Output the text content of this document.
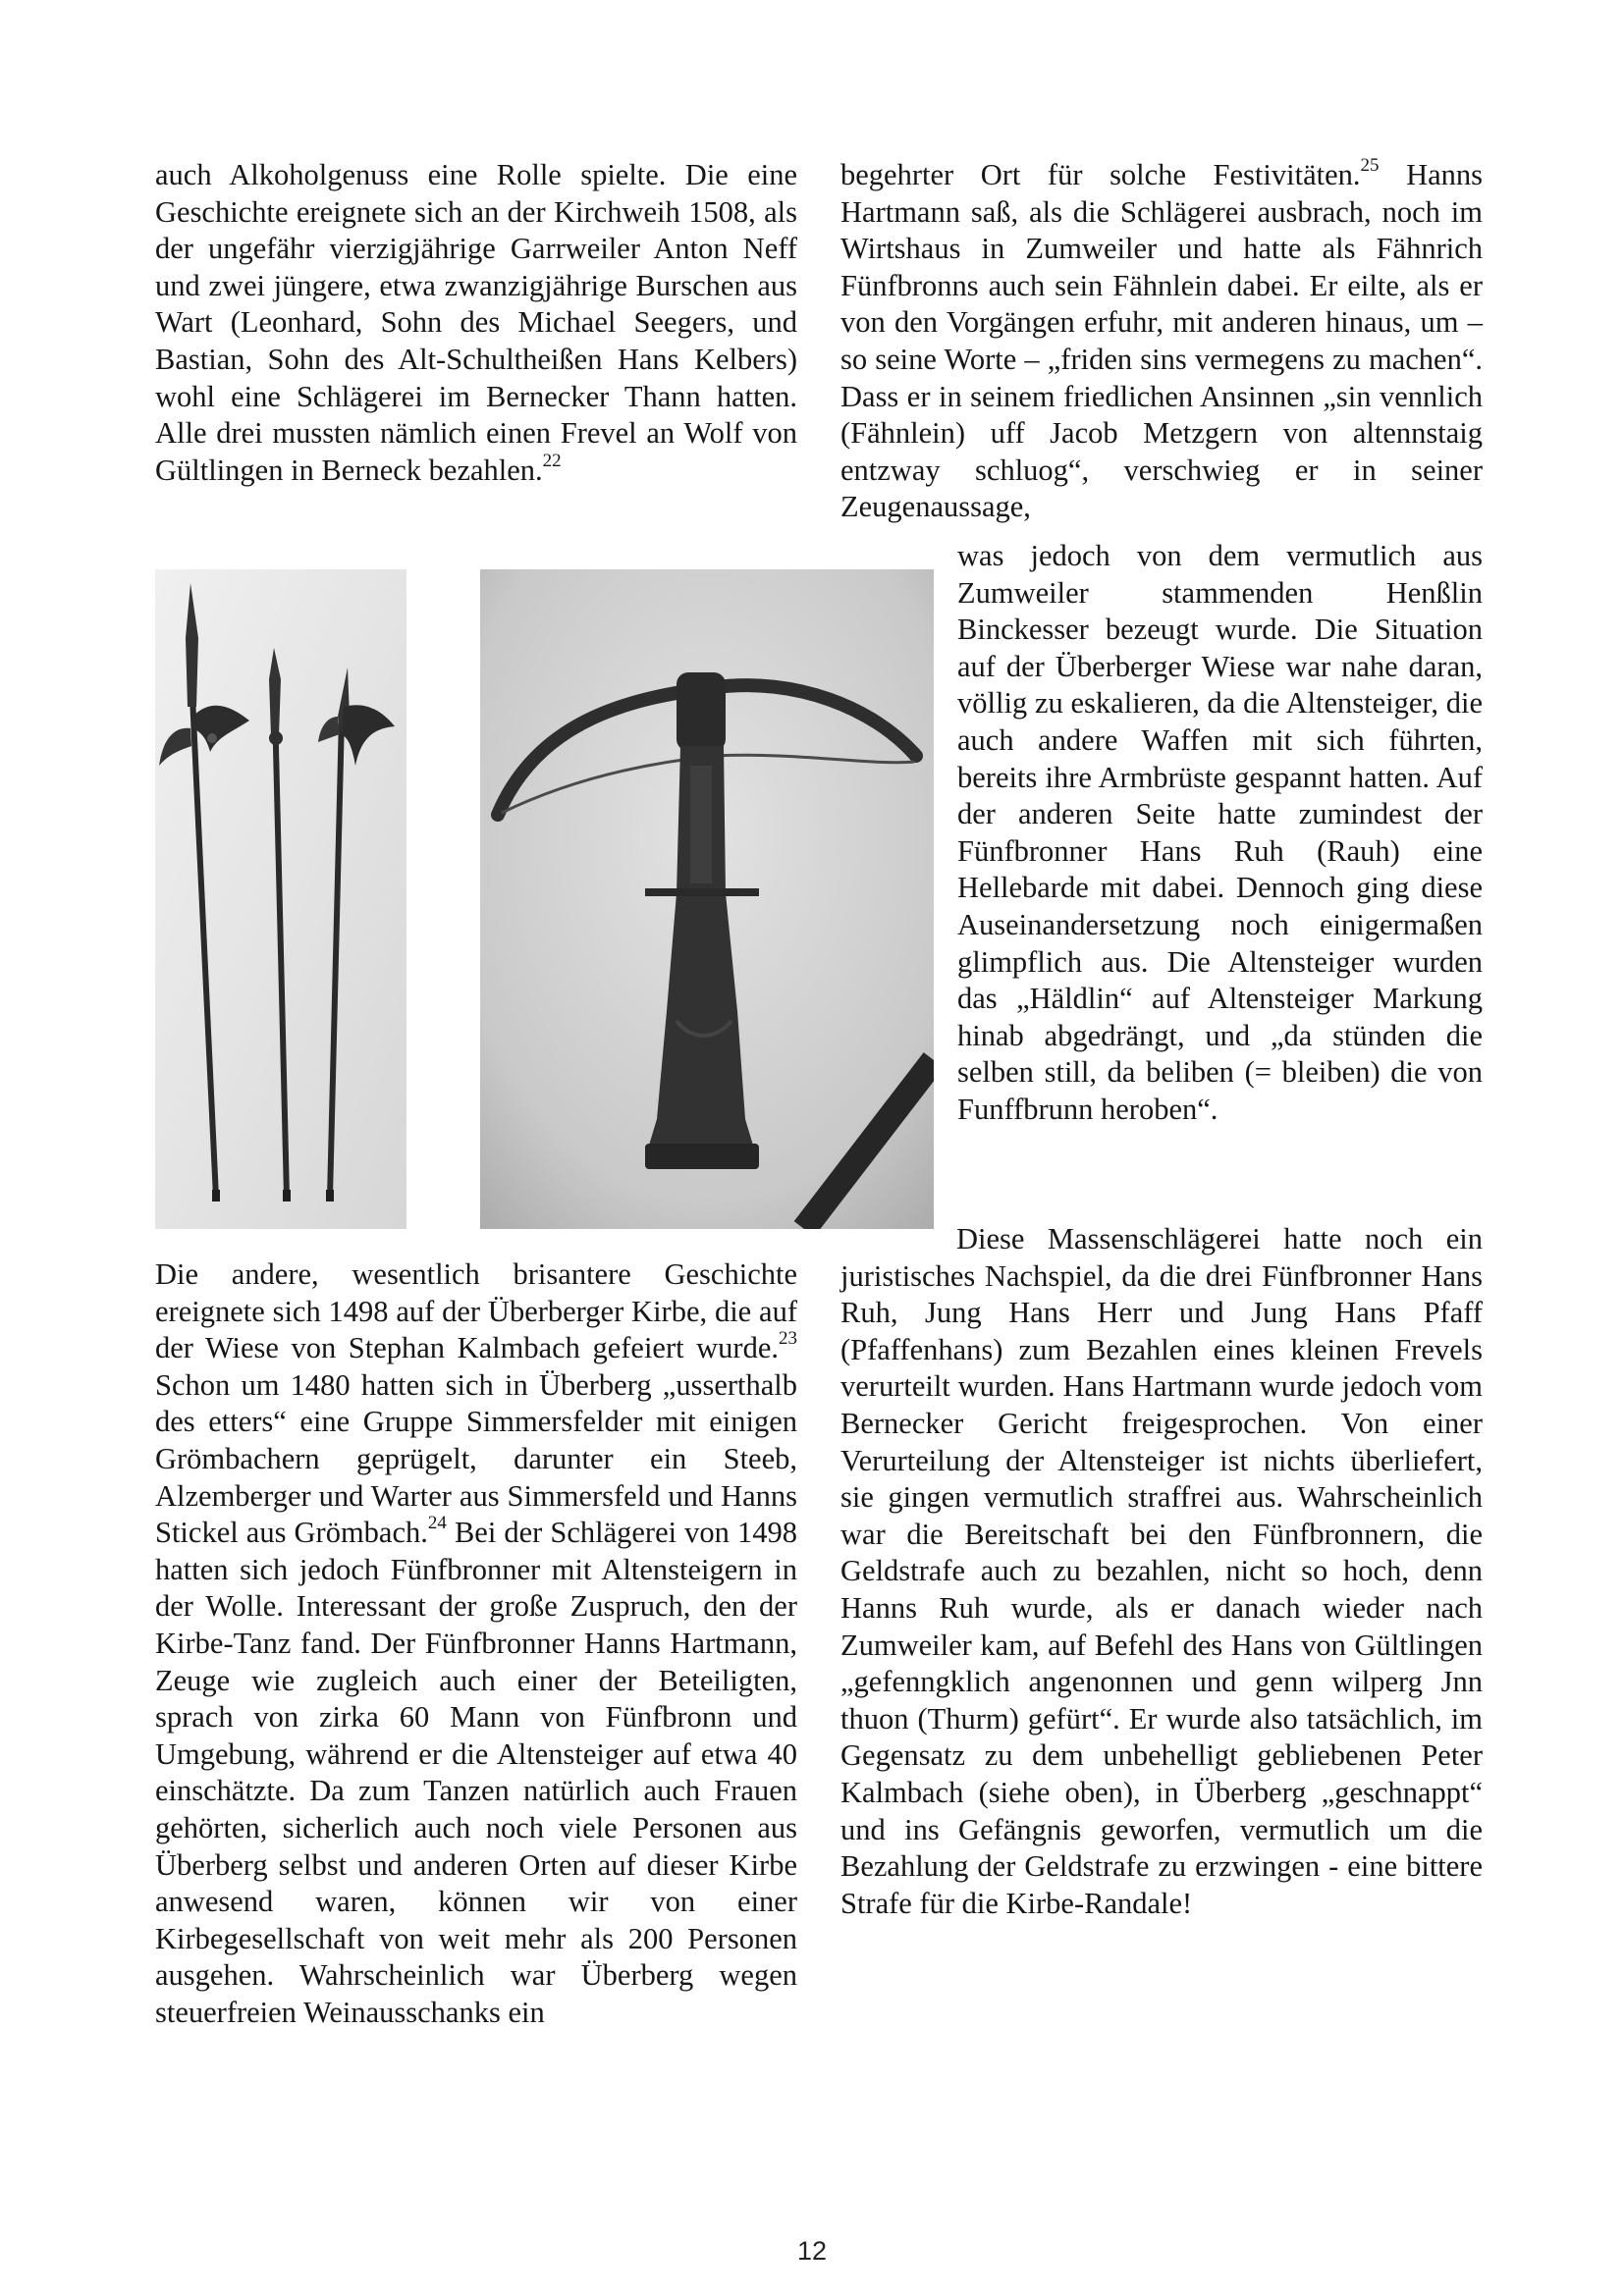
auch Alkoholgenuss eine Rolle spielte. Die eine Geschichte ereignete sich an der Kirchweih 1508, als der ungefähr vierzigjährige Garrweiler Anton Neff und zwei jüngere, etwa zwanzigjährige Burschen aus Wart (Leonhard, Sohn des Michael Seegers, und Bastian, Sohn des Alt-Schultheißen Hans Kelbers) wohl eine Schlägerei im Bernecker Thann hatten. Alle drei mussten nämlich einen Frevel an Wolf von Gültlingen in Berneck bezahlen.$^{22}$

Die andere, wesentlich brisantere Geschichte ereignete sich 1498 auf der Überberger Kirbe, die auf der Wiese von Stephan Kalmbach gefeiert wurde.$^{23}$ Schon um 1480 hatten sich in Überberg „usserthalb des etters“ eine Gruppe Simmersfelder mit einigen Grömbachern geprügelt, darunter ein Steeb, Alzemberger und Warter aus Simmersfeld und Hanns Stickel aus Grömbach.$^{24}$ Bei der Schlägerei von 1498 hatten sich jedoch Fünfbronner mit Altensteigern in der Wolle. Interessant der große Zuspruch, den der Kirbe-Tanz fand. Der Fünfbronner Hanns Hartmann, Zeuge wie zugleich auch einer der Beteiligten, sprach von zirka 60 Mann von Fünfbronn und Umgebung, während er die Altensteiger auf etwa 40 einschätzte. Da zum Tanzen natürlich auch Frauen gehörten, sicherlich auch noch viele Personen aus Überberg selbst und anderen Orten auf dieser Kirbe anwesend waren, können wir von einer Kirbegesellschaft von weit mehr als 200 Personen ausgehen. Wahrscheinlich war Überberg wegen steuerfreien Weinausschanks ein

begehrter Ort für solche Festivitäten.$^{25}$ Hanns Hartmann saß, als die Schlägerei ausbrach, noch im Wirtshaus in Zumweiler und hatte als Fähnrich Fünfbronns auch sein Fähnlein dabei. Er eilte, als er von den Vorgängen erfuhr, mit anderen hinaus, um – so seine Worte – „friden sins vermegens zu machen“. Dass er in seinem friedlichen Ansinnen „sin vennlich (Fähnlein) uff Jacob Metzgern von altennstaig entzway schluog“, verschwieg er in seiner Zeugenaussage,

was jedoch von dem vermutlich aus Zumweiler stammenden Henßlin Binckesser bezeugt wurde. Die Situation auf der Überberger Wiese war nahe daran, völlig zu eskalieren, da die Altensteiger, die auch andere Waffen mit sich führten, bereits ihre Armbrüste gespannt hatten. Auf der anderen Seite hatte zumindest der Fünfbronner Hans Ruh (Rauh) eine Hellebarde mit dabei. Dennoch ging diese Auseinandersetzung noch einigermaßen glimpflich aus. Die Altensteiger wurden das „Häldlin“ auf Altensteiger Markung hinab abgedrängt, und „da stünden die selben still, da beliben (= bleiben) die von Funffbrunn heroben“.

Diese Massenschlägerei hatte noch ein juristisches Nachspiel, da die drei Fünfbronner Hans Ruh, Jung Hans Herr und Jung Hans Pfaff (Pfaffenhans) zum Bezahlen eines kleinen Frevels verurteilt wurden. Hans Hartmann wurde jedoch vom Bernecker Gericht freigesprochen. Von einer Verurteilung der Altensteiger ist nichts überliefert, sie gingen vermutlich straffrei aus. Wahrscheinlich war die Bereitschaft bei den Fünfbronnern, die Geldstrafe auch zu bezahlen, nicht so hoch, denn Hanns Ruh wurde, als er danach wieder nach Zumweiler kam, auf Befehl des Hans von Gültlingen „gefenngklich angenonnen und genn wilperg Jnn thuon (Thurm) gefürt“. Er wurde also tatsächlich, im Gegensatz zu dem unbehelligt gebliebenen Peter Kalmbach (siehe oben), in Überberg „geschnappt“ und ins Gefängnis geworfen, vermutlich um die Bezahlung der Geldstrafe zu erzwingen - eine bittere Strafe für die Kirbe-Randale!

12
